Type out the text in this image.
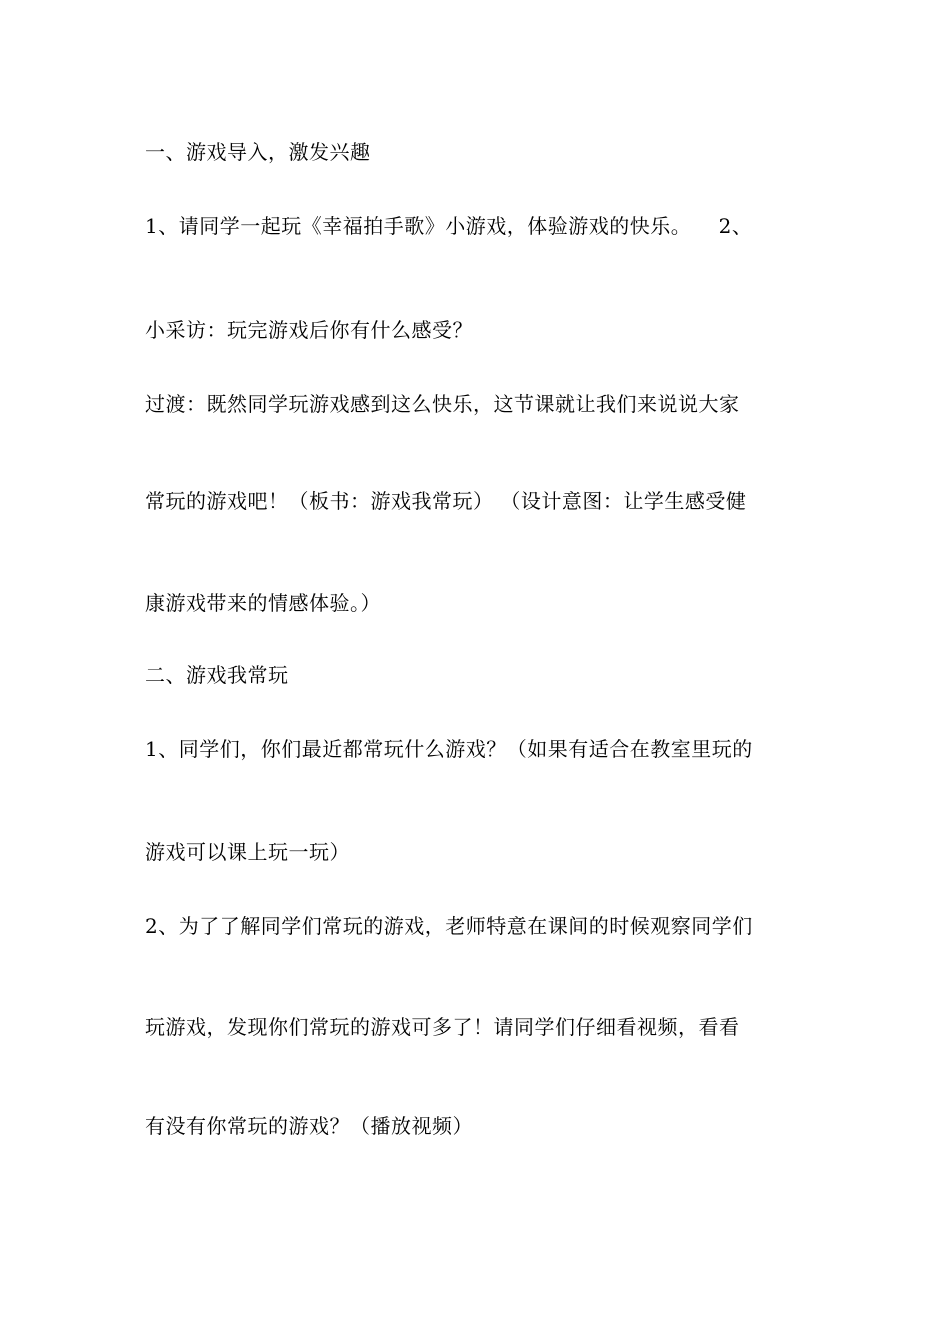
一、游戏导入，激发兴趣
1、请同学一起玩《幸福拍手歌》小游戏，体验游戏的快乐。    2、
小采访：玩完游戏后你有什么感受？
过渡：既然同学玩游戏感到这么快乐，这节课就让我们来说说大家
常玩的游戏吧！（板书：游戏我常玩） （设计意图：让学生感受健
康游戏带来的情感体验。）
二、游戏我常玩
1、同学们，你们最近都常玩什么游戏？（如果有适合在教室里玩的
游戏可以课上玩一玩）
2、为了了解同学们常玩的游戏，老师特意在课间的时候观察同学们
玩游戏，发现你们常玩的游戏可多了！请同学们仔细看视频，看看
有没有你常玩的游戏？（播放视频）
